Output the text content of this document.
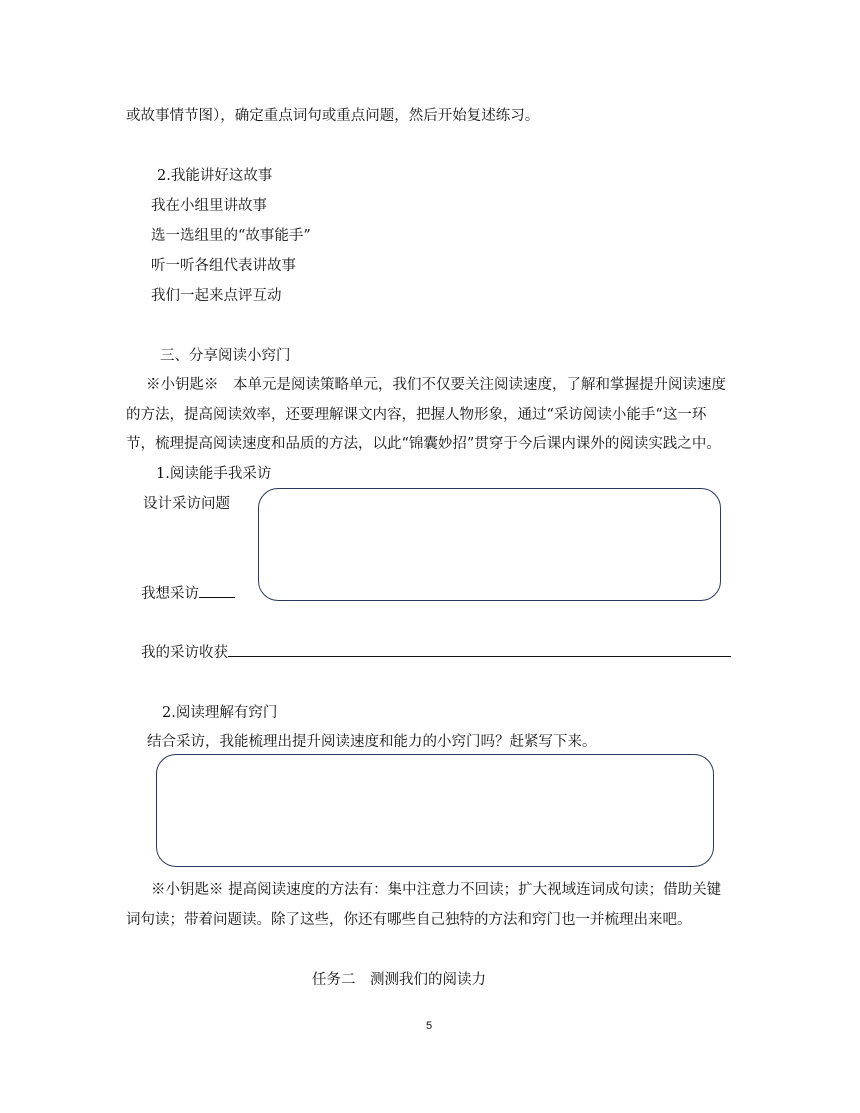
或故事情节图），确定重点词句或重点问题，然后开始复述练习。
2.我能讲好这故事
我在小组里讲故事
选一选组里的“故事能手”
听一听各组代表讲故事
我们一起来点评互动
三、分享阅读小窍门
※小钥匙※　本单元是阅读策略单元，我们不仅要关注阅读速度，了解和掌握提升阅读速度
的方法，提高阅读效率，还要理解课文内容，把握人物形象，通过“采访阅读小能手“这一环
节，梳理提高阅读速度和品质的方法，以此“锦囊妙招”贯穿于今后课内课外的阅读实践之中。
1.阅读能手我采访
设计采访问题
我想采访
我的采访收获
2.阅读理解有窍门
结合采访，我能梳理出提升阅读速度和能力的小窍门吗？赶紧写下来。
※小钥匙※ 提高阅读速度的方法有：集中注意力不回读；扩大视域连词成句读；借助关键
词句读；带着问题读。除了这些，你还有哪些自己独特的方法和窍门也一并梳理出来吧。
任务二　测测我们的阅读力
5
